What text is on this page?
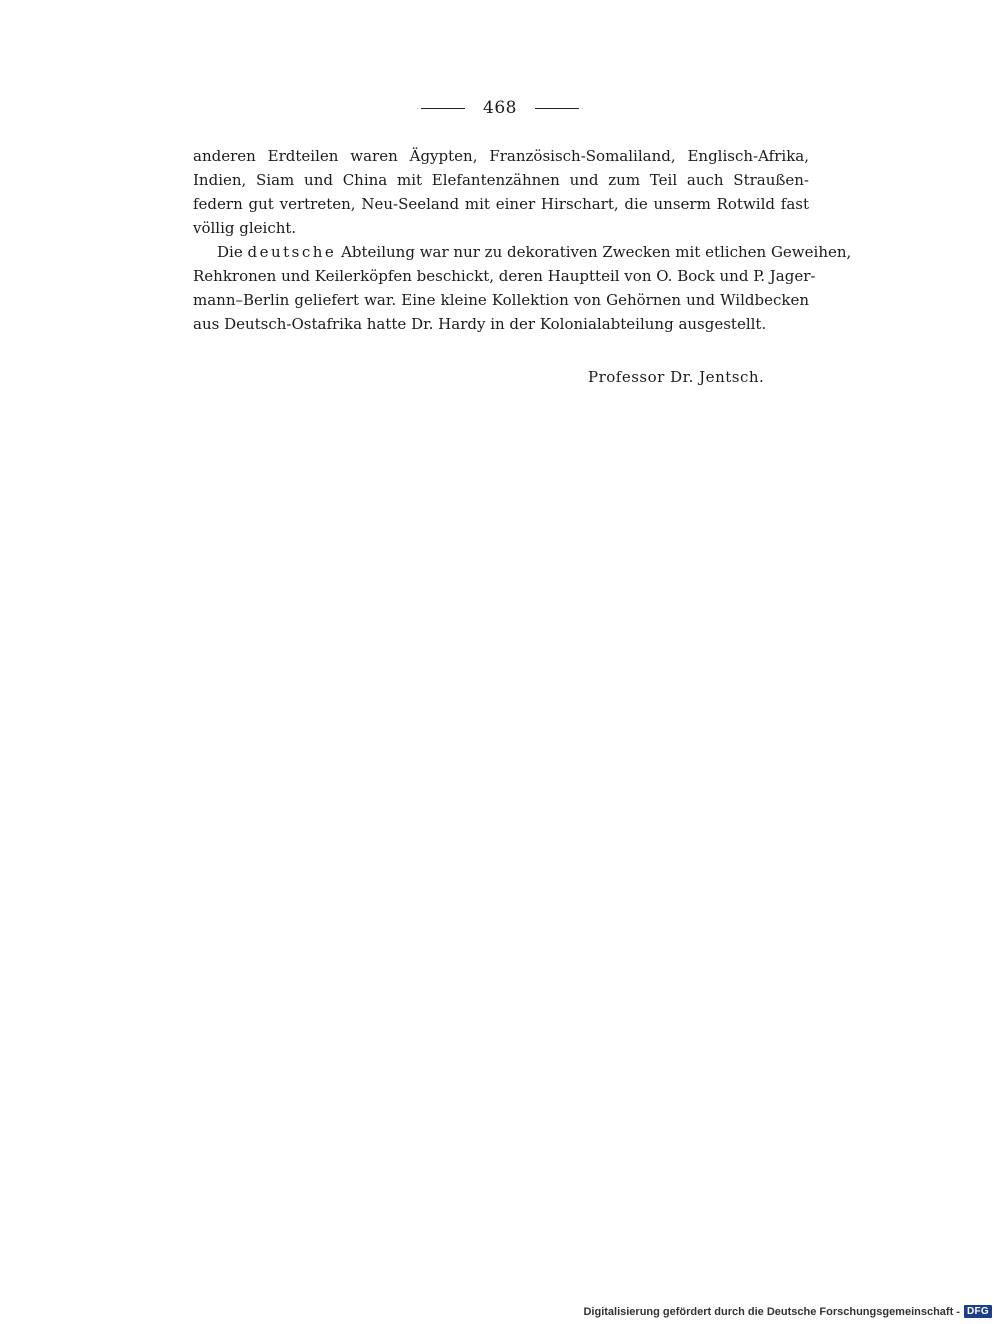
468
anderen Erdteilen waren Ägypten, Französisch-Somaliland, Englisch-Afrika,
Indien, Siam und China mit Elefantenzähnen und zum Teil auch Straußen-
federn gut vertreten, Neu-Seeland mit einer Hirschart, die unserm Rotwild fast
völlig gleicht.
Die deutsche Abteilung war nur zu dekorativen Zwecken mit etlichen Geweihen,
Rehkronen und Keilerköpfen beschickt, deren Hauptteil von O. Bock und P. Jager-
mann–Berlin geliefert war. Eine kleine Kollektion von Gehörnen und Wildbecken
aus Deutsch-Ostafrika hatte Dr. Hardy in der Kolonialabteilung ausgestellt.
Professor Dr. Jentsch.
Digitalisierung gefördert durch die Deutsche Forschungsgemeinschaft - DFG
